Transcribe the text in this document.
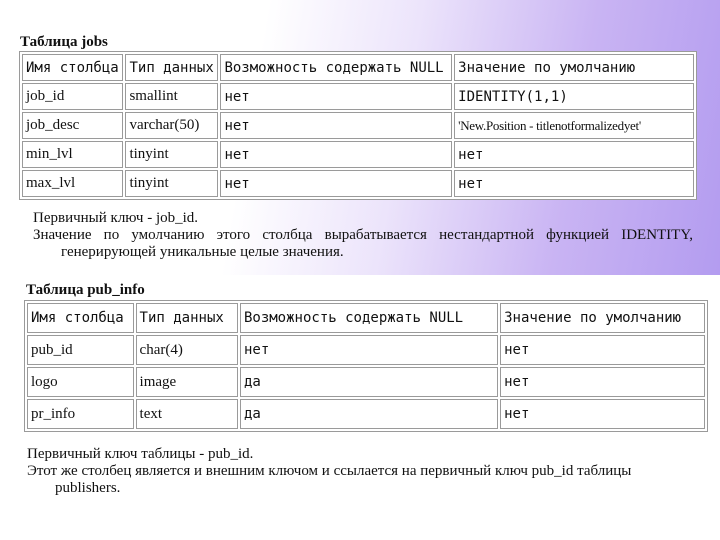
Таблица jobs
Имя столбца	Тип данных	Возможность содержать NULL	Значение по умолчанию
job_id	smallint	нет	IDENTITY(1,1)
job_desc	varchar(50)	нет	'New.Position - titlenotformalizedyet'
min_lvl	tinyint	нет	нет
max_lvl	tinyint	нет	нет

Первичный ключ - job_id.

Значение по умолчанию этого столбца вырабатывается нестандартной функцией IDENTITY, генерирующей уникальные целые значения.

Таблица pub_info
Имя столбца	Тип данных	Возможность содержать NULL	Значение по умолчанию
pub_id	char(4)	нет	нет
logo	image	да	нет
pr_info	text	да	нет

Первичный ключ таблицы - pub_id.

Этот же столбец является и внешним ключом и ссылается на первичный ключ pub_id таблицы publishers.
